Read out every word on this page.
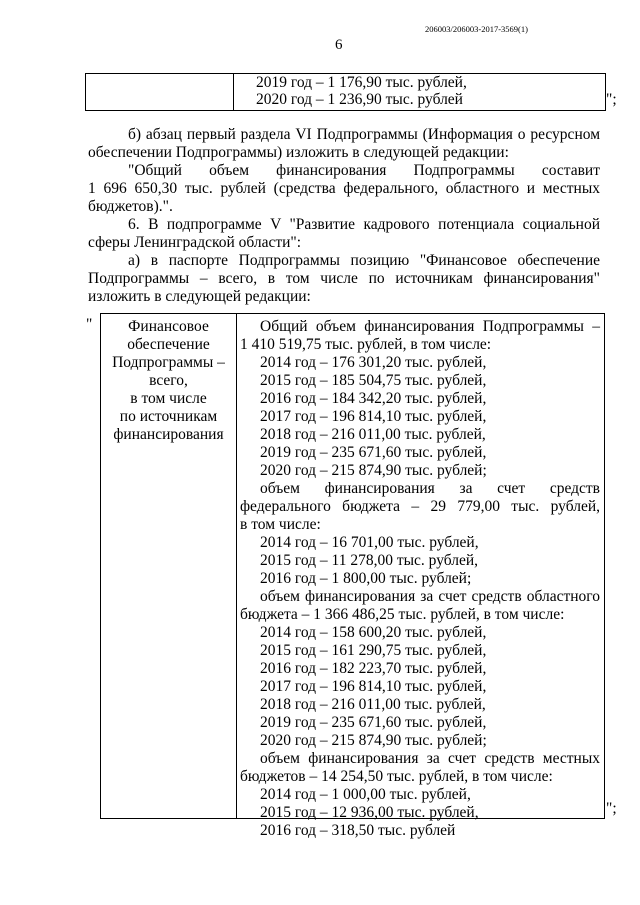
206003/206003-2017-3569(1)
6
2019 год – 1 176,90 тыс. рублей,
2020 год – 1 236,90 тыс. рублей	";
б) абзац первый раздела VI Подпрограммы (Информация о ресурсном
обеспечении Подпрограммы) изложить в следующей редакции:
"Общий объем финансирования Подпрограммы составит
1 696 650,30 тыс. рублей (средства федерального, областного и местных
бюджетов).".
6. В подпрограмме V "Развитие кадрового потенциала социальной
сферы Ленинградской области":
а) в паспорте Подпрограммы позицию "Финансовое обеспечение
Подпрограммы – всего, в том числе по источникам финансирования"
изложить в следующей редакции:
"	Финансовое
обеспечение
Подпрограммы –
всего,
в том числе
по источникам
финансирования
Общий объем финансирования Подпрограммы –
1 410 519,75 тыс. рублей, в том числе:
2014 год – 176 301,20 тыс. рублей,
2015 год – 185 504,75 тыс. рублей,
2016 год – 184 342,20 тыс. рублей,
2017 год – 196 814,10 тыс. рублей,
2018 год – 216 011,00 тыс. рублей,
2019 год – 235 671,60 тыс. рублей,
2020 год – 215 874,90 тыс. рублей;
объем финансирования за счет средств
федерального бюджета – 29 779,00 тыс. рублей,
в том числе:
2014 год – 16 701,00 тыс. рублей,
2015 год – 11 278,00 тыс. рублей,
2016 год – 1 800,00 тыс. рублей;
объем финансирования за счет средств областного
бюджета – 1 366 486,25 тыс. рублей, в том числе:
2014 год – 158 600,20 тыс. рублей,
2015 год – 161 290,75 тыс. рублей,
2016 год – 182 223,70 тыс. рублей,
2017 год – 196 814,10 тыс. рублей,
2018 год – 216 011,00 тыс. рублей,
2019 год – 235 671,60 тыс. рублей,
2020 год – 215 874,90 тыс. рублей;
объем финансирования за счет средств местных
бюджетов – 14 254,50 тыс. рублей, в том числе:
2014 год – 1 000,00 тыс. рублей,
2015 год – 12 936,00 тыс. рублей,
2016 год – 318,50 тыс. рублей
";
